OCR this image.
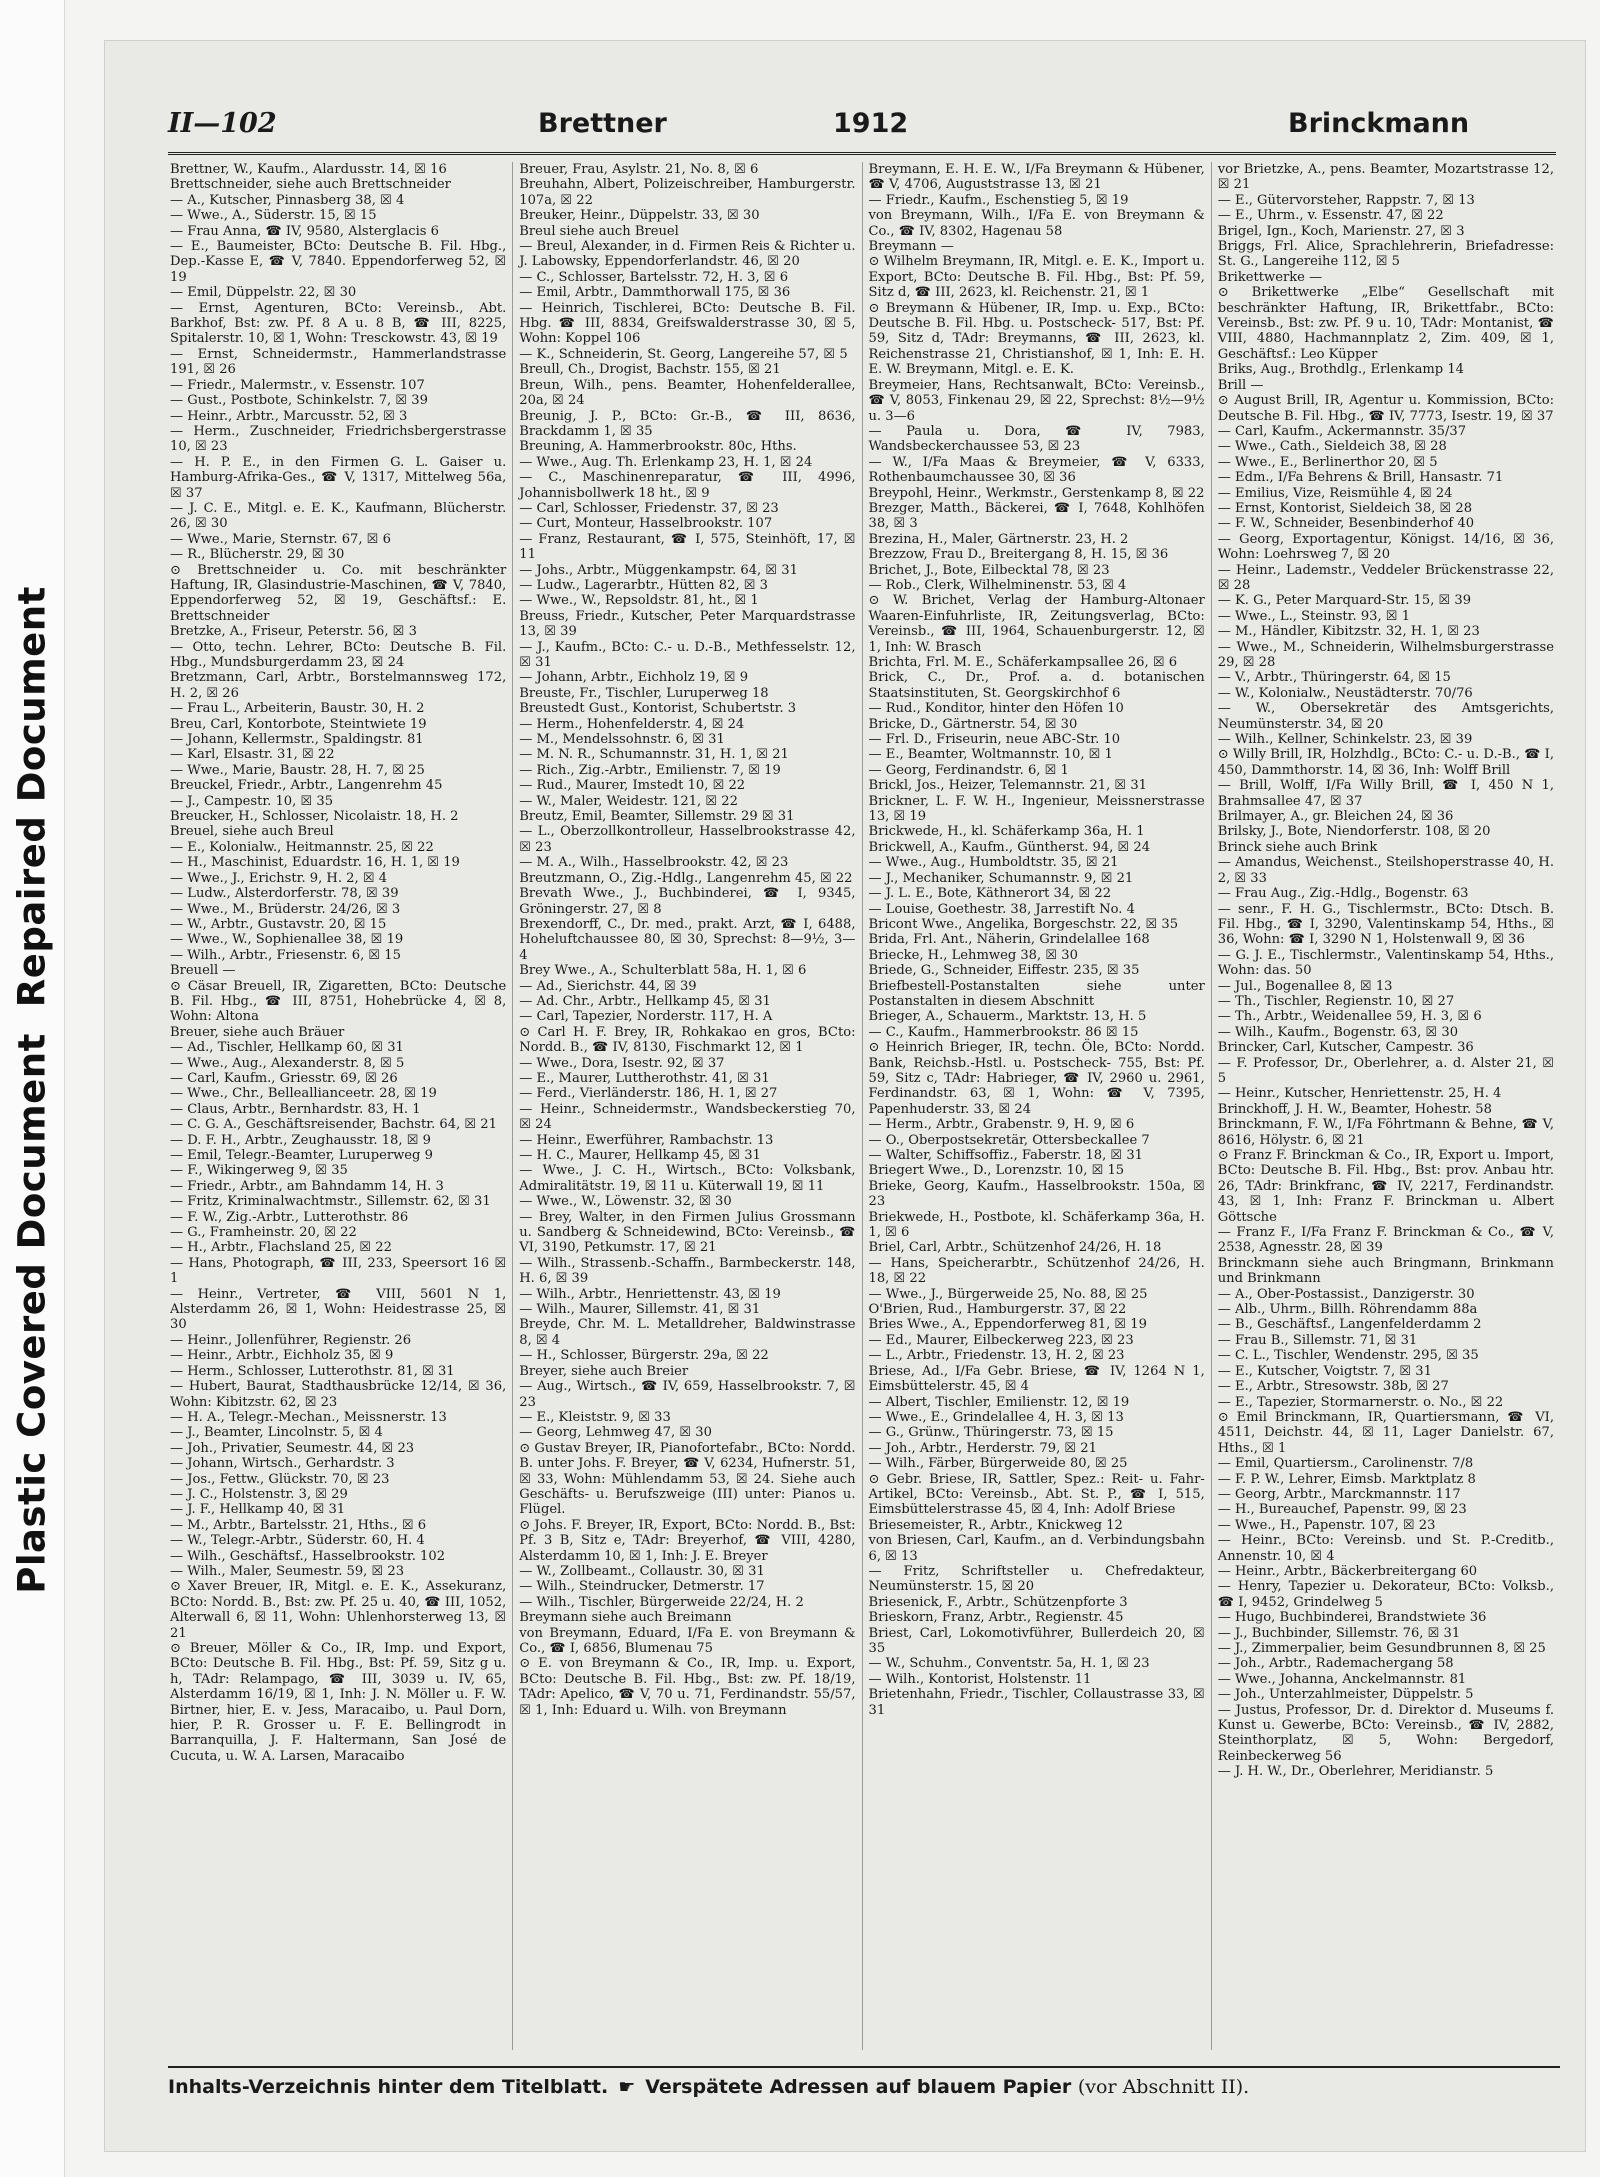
Plastic Covered DocumentRepaired Document
II—102	Brettner	1912	Brinckmann

Brettner, W., Kaufm., Alardusstr. 14, ☒ 16

Brettschneider, siehe auch Brettschneider

— A., Kutscher, Pinnasberg 38, ☒ 4

— Wwe., A., Süderstr. 15, ☒ 15

— Frau Anna, ☎ IV, 9580, Alsterglacis 6

— E., Baumeister, BCto: Deutsche B. Fil. Hbg., Dep.-Kasse E, ☎ V, 7840. Eppendorferweg 52, ☒ 19

— Emil, Düppelstr. 22, ☒ 30

— Ernst, Agenturen, BCto: Vereinsb., Abt. Barkhof, Bst: zw. Pf. 8 A u. 8 B, ☎ III, 8225, Spitalerstr. 10, ☒ 1, Wohn: Tresckowstr. 43, ☒ 19

— Ernst, Schneidermstr., Hammerlandstrasse 191, ☒ 26

— Friedr., Malermstr., v. Essenstr. 107

— Gust., Postbote, Schinkelstr. 7, ☒ 39

— Heinr., Arbtr., Marcusstr. 52, ☒ 3

— Herm., Zuschneider, Friedrichsbergerstrasse 10, ☒ 23

— H. P. E., in den Firmen G. L. Gaiser u. Hamburg-Afrika-Ges., ☎ V, 1317, Mittelweg 56a, ☒ 37

— J. C. E., Mitgl. e. E. K., Kaufmann, Blücherstr. 26, ☒ 30

— Wwe., Marie, Sternstr. 67, ☒ 6

— R., Blücherstr. 29, ☒ 30

⊙ Brettschneider u. Co. mit beschränkter Haftung, IR, Glasindustrie-Maschinen, ☎ V, 7840, Eppendorferweg 52, ☒ 19, Geschäftsf.: E. Brettschneider

Bretzke, A., Friseur, Peterstr. 56, ☒ 3

— Otto, techn. Lehrer, BCto: Deutsche B. Fil. Hbg., Mundsburgerdamm 23, ☒ 24

Bretzmann, Carl, Arbtr., Borstelmannsweg 172, H. 2, ☒ 26

— Frau L., Arbeiterin, Baustr. 30, H. 2

Breu, Carl, Kontorbote, Steintwiete 19

— Johann, Kellermstr., Spaldingstr. 81

— Karl, Elsastr. 31, ☒ 22

— Wwe., Marie, Baustr. 28, H. 7, ☒ 25

Breuckel, Friedr., Arbtr., Langenrehm 45

— J., Campestr. 10, ☒ 35

Breucker, H., Schlosser, Nicolaistr. 18, H. 2

Breuel, siehe auch Breul

— E., Kolonialw., Heitmannstr. 25, ☒ 22

— H., Maschinist, Eduardstr. 16, H. 1, ☒ 19

— Wwe., J., Erichstr. 9, H. 2, ☒ 4

— Ludw., Alsterdorferstr. 78, ☒ 39

— Wwe., M., Brüderstr. 24/26, ☒ 3

— W., Arbtr., Gustavstr. 20, ☒ 15

— Wwe., W., Sophienallee 38, ☒ 19

— Wilh., Arbtr., Friesenstr. 6, ☒ 15

Breuell —

⊙ Cäsar Breuell, IR, Zigaretten, BCto: Deutsche B. Fil. Hbg., ☎ III, 8751, Hohebrücke 4, ☒ 8, Wohn: Altona

Breuer, siehe auch Bräuer

— Ad., Tischler, Hellkamp 60, ☒ 31

— Wwe., Aug., Alexanderstr. 8, ☒ 5

— Carl, Kaufm., Griesstr. 69, ☒ 26

— Wwe., Chr., Belleallianceetr. 28, ☒ 19

— Claus, Arbtr., Bernhardstr. 83, H. 1

— C. G. A., Geschäftsreisender, Bachstr. 64, ☒ 21

— D. F. H., Arbtr., Zeughausstr. 18, ☒ 9

— Emil, Telegr.-Beamter, Luruperweg 9

— F., Wikingerweg 9, ☒ 35

— Friedr., Arbtr., am Bahndamm 14, H. 3

— Fritz, Kriminalwachtmstr., Sillemstr. 62, ☒ 31

— F. W., Zig.-Arbtr., Lutterothstr. 86

— G., Framheinstr. 20, ☒ 22

— H., Arbtr., Flachsland 25, ☒ 22

— Hans, Photograph, ☎ III, 233, Speersort 16 ☒ 1

— Heinr., Vertreter, ☎ VIII, 5601 N 1, Alsterdamm 26, ☒ 1, Wohn: Heidestrasse 25, ☒ 30

— Heinr., Jollenführer, Regienstr. 26

— Heinr., Arbtr., Eichholz 35, ☒ 9

— Herm., Schlosser, Lutterothstr. 81, ☒ 31

— Hubert, Baurat, Stadthausbrücke 12/14, ☒ 36, Wohn: Kibitzstr. 62, ☒ 23

— H. A., Telegr.-Mechan., Meissnerstr. 13

— J., Beamter, Lincolnstr. 5, ☒ 4

— Joh., Privatier, Seumestr. 44, ☒ 23

— Johann, Wirtsch., Gerhardstr. 3

— Jos., Fettw., Glückstr. 70, ☒ 23

— J. C., Holstenstr. 3, ☒ 29

— J. F., Hellkamp 40, ☒ 31

— M., Arbtr., Bartelsstr. 21, Hths., ☒ 6

— W., Telegr.-Arbtr., Süderstr. 60, H. 4

— Wilh., Geschäftsf., Hasselbrookstr. 102

— Wilh., Maler, Seumestr. 59, ☒ 23

⊙ Xaver Breuer, IR, Mitgl. e. E. K., Assekuranz, BCto: Nordd. B., Bst: zw. Pf. 25 u. 40, ☎ III, 1052, Alterwall 6, ☒ 11, Wohn: Uhlenhorsterweg 13, ☒ 21

⊙ Breuer, Möller & Co., IR, Imp. und Export, BCto: Deutsche B. Fil. Hbg., Bst: Pf. 59, Sitz g u. h, TAdr: Relampago, ☎ III, 3039 u. IV, 65, Alsterdamm 16/19, ☒ 1, Inh: J. N. Möller u. F. W. Birtner, hier, E. v. Jess, Maracaibo, u. Paul Dorn, hier, P. R. Grosser u. F. E. Bellingrodt in Barranquilla, J. F. Haltermann, San José de Cucuta, u. W. A. Larsen, Maracaibo

Breuer, Frau, Asylstr. 21, No. 8, ☒ 6

Breuhahn, Albert, Polizeischreiber, Hamburgerstr. 107a, ☒ 22

Breuker, Heinr., Düppelstr. 33, ☒ 30

Breul siehe auch Breuel

— Breul, Alexander, in d. Firmen Reis & Richter u. J. Labowsky, Eppendorferlandstr. 46, ☒ 20

— C., Schlosser, Bartelsstr. 72, H. 3, ☒ 6

— Emil, Arbtr., Dammthorwall 175, ☒ 36

— Heinrich, Tischlerei, BCto: Deutsche B. Fil. Hbg. ☎ III, 8834, Greifswalderstrasse 30, ☒ 5, Wohn: Koppel 106

— K., Schneiderin, St. Georg, Langereihe 57, ☒ 5

Breull, Ch., Drogist, Bachstr. 155, ☒ 21

Breun, Wilh., pens. Beamter, Hohenfelderallee, 20a, ☒ 24

Breunig, J. P., BCto: Gr.-B., ☎ III, 8636, Brackdamm 1, ☒ 35

Breuning, A. Hammerbrookstr. 80c, Hths.

— Wwe., Aug. Th. Erlenkamp 23, H. 1, ☒ 24

— C., Maschinenreparatur, ☎ III, 4996, Johannisbollwerk 18 ht., ☒ 9

— Carl, Schlosser, Friedenstr. 37, ☒ 23

— Curt, Monteur, Hasselbrookstr. 107

— Franz, Restaurant, ☎ I, 575, Steinhöft, 17, ☒ 11

— Johs., Arbtr., Müggenkampstr. 64, ☒ 31

— Ludw., Lagerarbtr., Hütten 82, ☒ 3

— Wwe., W., Repsoldstr. 81, ht., ☒ 1

Breuss, Friedr., Kutscher, Peter Marquardstrasse 13, ☒ 39

— J., Kaufm., BCto: C.- u. D.-B., Methfesselstr. 12, ☒ 31

— Johann, Arbtr., Eichholz 19, ☒ 9

Breuste, Fr., Tischler, Luruperweg 18

Breustedt Gust., Kontorist, Schubertstr. 3

— Herm., Hohenfelderstr. 4, ☒ 24

— M., Mendelssohnstr. 6, ☒ 31

— M. N. R., Schumannstr. 31, H. 1, ☒ 21

— Rich., Zig.-Arbtr., Emilienstr. 7, ☒ 19

— Rud., Maurer, Imstedt 10, ☒ 22

— W., Maler, Weidestr. 121, ☒ 22

Breutz, Emil, Beamter, Sillemstr. 29 ☒ 31

— L., Oberzollkontrolleur, Hasselbrookstrasse 42, ☒ 23

— M. A., Wilh., Hasselbrookstr. 42, ☒ 23

Breutzmann, O., Zig.-Hdlg., Langenrehm 45, ☒ 22

Brevath Wwe., J., Buchbinderei, ☎ I, 9345, Gröningerstr. 27, ☒ 8

Brexendorff, C., Dr. med., prakt. Arzt, ☎ I, 6488, Hoheluftchaussee 80, ☒ 30, Sprechst: 8—9½, 3—4

Brey Wwe., A., Schulterblatt 58a, H. 1, ☒ 6

— Ad., Sierichstr. 44, ☒ 39

— Ad. Chr., Arbtr., Hellkamp 45, ☒ 31

— Carl, Tapezier, Norderstr. 117, H. A

⊙ Carl H. F. Brey, IR, Rohkakao en gros, BCto: Nordd. B., ☎ IV, 8130, Fischmarkt 12, ☒ 1

— Wwe., Dora, Isestr. 92, ☒ 37

— E., Maurer, Luttherothstr. 41, ☒ 31

— Ferd., Vierländerstr. 186, H. 1, ☒ 27

— Heinr., Schneidermstr., Wandsbeckerstieg 70, ☒ 24

— Heinr., Ewerführer, Rambachstr. 13

— H. C., Maurer, Hellkamp 45, ☒ 31

— Wwe., J. C. H., Wirtsch., BCto: Volksbank, Admiralitätstr. 19, ☒ 11 u. Küterwall 19, ☒ 11

— Wwe., W., Löwenstr. 32, ☒ 30

— Brey, Walter, in den Firmen Julius Grossmann u. Sandberg & Schneidewind, BCto: Vereinsb., ☎ VI, 3190, Petkumstr. 17, ☒ 21

— Wilh., Strassenb.-Schaffn., Barmbeckerstr. 148, H. 6, ☒ 39

— Wilh., Arbtr., Henriettenstr. 43, ☒ 19

— Wilh., Maurer, Sillemstr. 41, ☒ 31

Breyde, Chr. M. L. Metalldreher, Baldwinstrasse 8, ☒ 4

— H., Schlosser, Bürgerstr. 29a, ☒ 22

Breyer, siehe auch Breier

— Aug., Wirtsch., ☎ IV, 659, Hasselbrookstr. 7, ☒ 23

— E., Kleiststr. 9, ☒ 33

— Georg, Lehmweg 47, ☒ 30

⊙ Gustav Breyer, IR, Pianofortefabr., BCto: Nordd. B. unter Johs. F. Breyer, ☎ V, 6234, Hufnerstr. 51, ☒ 33, Wohn: Mühlendamm 53, ☒ 24. Siehe auch Geschäfts- u. Berufszweige (III) unter: Pianos u. Flügel.

⊙ Johs. F. Breyer, IR, Export, BCto: Nordd. B., Bst: Pf. 3 B, Sitz e, TAdr: Breyerhof, ☎ VIII, 4280, Alsterdamm 10, ☒ 1, Inh: J. E. Breyer

— W., Zollbeamt., Collaustr. 30, ☒ 31

— Wilh., Steindrucker, Detmerstr. 17

— Wilh., Tischler, Bürgerweide 22/24, H. 2

Breymann siehe auch Breimann

von Breymann, Eduard, I/Fa E. von Breymann & Co., ☎ I, 6856, Blumenau 75

⊙ E. von Breymann & Co., IR, Imp. u. Export, BCto: Deutsche B. Fil. Hbg., Bst: zw. Pf. 18/19, TAdr: Apelico, ☎ V, 70 u. 71, Ferdinandstr. 55/57, ☒ 1, Inh: Eduard u. Wilh. von Breymann

Breymann, E. H. E. W., I/Fa Breymann & Hübener, ☎ V, 4706, Auguststrasse 13, ☒ 21

— Friedr., Kaufm., Eschenstieg 5, ☒ 19

von Breymann, Wilh., I/Fa E. von Breymann & Co., ☎ IV, 8302, Hagenau 58

Breymann —

⊙ Wilhelm Breymann, IR, Mitgl. e. E. K., Import u. Export, BCto: Deutsche B. Fil. Hbg., Bst: Pf. 59, Sitz d, ☎ III, 2623, kl. Reichenstr. 21, ☒ 1

⊙ Breymann & Hübener, IR, Imp. u. Exp., BCto: Deutsche B. Fil. Hbg. u. Postscheck- 517, Bst: Pf. 59, Sitz d, TAdr: Breymanns, ☎ III, 2623, kl. Reichenstrasse 21, Christianshof, ☒ 1, Inh: E. H. E. W. Breymann, Mitgl. e. E. K.

Breymeier, Hans, Rechtsanwalt, BCto: Vereinsb., ☎ V, 8053, Finkenau 29, ☒ 22, Sprechst: 8½—9½ u. 3—6

— Paula u. Dora, ☎ IV, 7983, Wandsbeckerchaussee 53, ☒ 23

— W., I/Fa Maas & Breymeier, ☎ V, 6333, Rothenbaumchaussee 30, ☒ 36

Breypohl, Heinr., Werkmstr., Gerstenkamp 8, ☒ 22

Brezger, Matth., Bäckerei, ☎ I, 7648, Kohlhöfen 38, ☒ 3

Brezina, H., Maler, Gärtnerstr. 23, H. 2

Brezzow, Frau D., Breitergang 8, H. 15, ☒ 36

Brichet, J., Bote, Eilbecktal 78, ☒ 23

— Rob., Clerk, Wilhelminenstr. 53, ☒ 4

⊙ W. Brichet, Verlag der Hamburg-Altonaer Waaren-Einfuhrliste, IR, Zeitungsverlag, BCto: Vereinsb., ☎ III, 1964, Schauenburgerstr. 12, ☒ 1, Inh: W. Brasch

Brichta, Frl. M. E., Schäferkampsallee 26, ☒ 6

Brick, C., Dr., Prof. a. d. botanischen Staatsinstituten, St. Georgskirchhof 6

— Rud., Konditor, hinter den Höfen 10

Bricke, D., Gärtnerstr. 54, ☒ 30

— Frl. D., Friseurin, neue ABC-Str. 10

— E., Beamter, Woltmannstr. 10, ☒ 1

— Georg, Ferdinandstr. 6, ☒ 1

Brickl, Jos., Heizer, Telemannstr. 21, ☒ 31

Brickner, L. F. W. H., Ingenieur, Meissnerstrasse 13, ☒ 19

Brickwede, H., kl. Schäferkamp 36a, H. 1

Brickwell, A., Kaufm., Güntherst. 94, ☒ 24

— Wwe., Aug., Humboldtstr. 35, ☒ 21

— J., Mechaniker, Schumannstr. 9, ☒ 21

— J. L. E., Bote, Käthnerort 34, ☒ 22

— Louise, Goethestr. 38, Jarrestift No. 4

Bricont Wwe., Angelika, Borgeschstr. 22, ☒ 35

Brida, Frl. Ant., Näherin, Grindelallee 168

Briecke, H., Lehmweg 38, ☒ 30

Briede, G., Schneider, Eiffestr. 235, ☒ 35

Briefbestell-Postanstalten siehe unter Postanstalten in diesem Abschnitt

Brieger, A., Schauerm., Marktstr. 13, H. 5

— C., Kaufm., Hammerbrookstr. 86 ☒ 15

⊙ Heinrich Brieger, IR, techn. Öle, BCto: Nordd. Bank, Reichsb.-Hstl. u. Postscheck- 755, Bst: Pf. 59, Sitz c, TAdr: Habrieger, ☎ IV, 2960 u. 2961, Ferdinandstr. 63, ☒ 1, Wohn: ☎ V, 7395, Papenhuderstr. 33, ☒ 24

— Herm., Arbtr., Grabenstr. 9, H. 9, ☒ 6

— O., Oberpostsekretär, Ottersbeckallee 7

— Walter, Schiffsoffiz., Faberstr. 18, ☒ 31

Briegert Wwe., D., Lorenzstr. 10, ☒ 15

Brieke, Georg, Kaufm., Hasselbrookstr. 150a, ☒ 23

Briekwede, H., Postbote, kl. Schäferkamp 36a, H. 1, ☒ 6

Briel, Carl, Arbtr., Schützenhof 24/26, H. 18

— Hans, Speicherarbtr., Schützenhof 24/26, H. 18, ☒ 22

— Wwe., J., Bürgerweide 25, No. 88, ☒ 25

O'Brien, Rud., Hamburgerstr. 37, ☒ 22

Bries Wwe., A., Eppendorferweg 81, ☒ 19

— Ed., Maurer, Eilbeckerweg 223, ☒ 23

— L., Arbtr., Friedenstr. 13, H. 2, ☒ 23

Briese, Ad., I/Fa Gebr. Briese, ☎ IV, 1264 N 1, Eimsbüttelerstr. 45, ☒ 4

— Albert, Tischler, Emilienstr. 12, ☒ 19

— Wwe., E., Grindelallee 4, H. 3, ☒ 13

— G., Grünw., Thüringerstr. 73, ☒ 15

— Joh., Arbtr., Herderstr. 79, ☒ 21

— Wilh., Färber, Bürgerweide 80, ☒ 25

⊙ Gebr. Briese, IR, Sattler, Spez.: Reit- u. Fahr-Artikel, BCto: Vereinsb., Abt. St. P., ☎ I, 515, Eimsbüttelerstrasse 45, ☒ 4, Inh: Adolf Briese

Briesemeister, R., Arbtr., Knickweg 12

von Briesen, Carl, Kaufm., an d. Verbindungsbahn 6, ☒ 13

— Fritz, Schriftsteller u. Chefredakteur, Neumünsterstr. 15, ☒ 20

Briesenick, F., Arbtr., Schützenpforte 3

Brieskorn, Franz, Arbtr., Regienstr. 45

Briest, Carl, Lokomotivführer, Bullerdeich 20, ☒ 35

— W., Schuhm., Conventstr. 5a, H. 1, ☒ 23

— Wilh., Kontorist, Holstenstr. 11

Brietenhahn, Friedr., Tischler, Collaustrasse 33, ☒ 31

vor Brietzke, A., pens. Beamter, Mozartstrasse 12, ☒ 21

— E., Gütervorsteher, Rappstr. 7, ☒ 13

— E., Uhrm., v. Essenstr. 47, ☒ 22

Brigel, Ign., Koch, Marienstr. 27, ☒ 3

Briggs, Frl. Alice, Sprachlehrerin, Briefadresse: St. G., Langereihe 112, ☒ 5

Brikettwerke —

⊙ Brikettwerke „Elbe“ Gesellschaft mit beschränkter Haftung, IR, Brikettfabr., BCto: Vereinsb., Bst: zw. Pf. 9 u. 10, TAdr: Montanist, ☎ VIII, 4880, Hachmannplatz 2, Zim. 409, ☒ 1, Geschäftsf.: Leo Küpper

Briks, Aug., Brothdlg., Erlenkamp 14

Brill —

⊙ August Brill, IR, Agentur u. Kommission, BCto: Deutsche B. Fil. Hbg., ☎ IV, 7773, Isestr. 19, ☒ 37

— Carl, Kaufm., Ackermannstr. 35/37

— Wwe., Cath., Sieldeich 38, ☒ 28

— Wwe., E., Berlinerthor 20, ☒ 5

— Edm., I/Fa Behrens & Brill, Hansastr. 71

— Emilius, Vize, Reismühle 4, ☒ 24

— Ernst, Kontorist, Sieldeich 38, ☒ 28

— F. W., Schneider, Besenbinderhof 40

— Georg, Exportagentur, Königst. 14/16, ☒ 36, Wohn: Loehrsweg 7, ☒ 20

— Heinr., Lademstr., Veddeler Brückenstrasse 22, ☒ 28

— K. G., Peter Marquard-Str. 15, ☒ 39

— Wwe., L., Steinstr. 93, ☒ 1

— M., Händler, Kibitzstr. 32, H. 1, ☒ 23

— Wwe., M., Schneiderin, Wilhelmsburgerstrasse 29, ☒ 28

— V., Arbtr., Thüringerstr. 64, ☒ 15

— W., Kolonialw., Neustädterstr. 70/76

— W., Obersekretär des Amtsgerichts, Neumünsterstr. 34, ☒ 20

— Wilh., Kellner, Schinkelstr. 23, ☒ 39

⊙ Willy Brill, IR, Holzhdlg., BCto: C.- u. D.-B., ☎ I, 450, Dammthorstr. 14, ☒ 36, Inh: Wolff Brill

— Brill, Wolff, I/Fa Willy Brill, ☎ I, 450 N 1, Brahmsallee 47, ☒ 37

Brilmayer, A., gr. Bleichen 24, ☒ 36

Brilsky, J., Bote, Niendorferstr. 108, ☒ 20

Brinck siehe auch Brink

— Amandus, Weichenst., Steilshoperstrasse 40, H. 2, ☒ 33

— Frau Aug., Zig.-Hdlg., Bogenstr. 63

— senr., F. H. G., Tischlermstr., BCto: Dtsch. B. Fil. Hbg., ☎ I, 3290, Valentinskamp 54, Hths., ☒ 36, Wohn: ☎ I, 3290 N 1, Holstenwall 9, ☒ 36

— G. J. E., Tischlermstr., Valentinskamp 54, Hths., Wohn: das. 50

— Jul., Bogenallee 8, ☒ 13

— Th., Tischler, Regienstr. 10, ☒ 27

— Th., Arbtr., Weidenallee 59, H. 3, ☒ 6

— Wilh., Kaufm., Bogenstr. 63, ☒ 30

Brincker, Carl, Kutscher, Campestr. 36

— F. Professor, Dr., Oberlehrer, a. d. Alster 21, ☒ 5

— Heinr., Kutscher, Henriettenstr. 25, H. 4

Brinckhoff, J. H. W., Beamter, Hohestr. 58

Brinckmann, F. W., I/Fa Föhrtmann & Behne, ☎ V, 8616, Hölystr. 6, ☒ 21

⊙ Franz F. Brinckman & Co., IR, Export u. Import, BCto: Deutsche B. Fil. Hbg., Bst: prov. Anbau htr. 26, TAdr: Brinkfranc, ☎ IV, 2217, Ferdinandstr. 43, ☒ 1, Inh: Franz F. Brinckman u. Albert Göttsche

— Franz F., I/Fa Franz F. Brinckman & Co., ☎ V, 2538, Agnesstr. 28, ☒ 39

Brinckmann siehe auch Bringmann, Brinkmann und Brinkmann

— A., Ober-Postassist., Danzigerstr. 30

— Alb., Uhrm., Billh. Röhrendamm 88a

— B., Geschäftsf., Langenfelderdamm 2

— Frau B., Sillemstr. 71, ☒ 31

— C. L., Tischler, Wendenstr. 295, ☒ 35

— E., Kutscher, Voigtstr. 7, ☒ 31

— E., Arbtr., Stresowstr. 38b, ☒ 27

— E., Tapezier, Stormarnerstr. o. No., ☒ 22

⊙ Emil Brinckmann, IR, Quartiersmann, ☎ VI, 4511, Deichstr. 44, ☒ 11, Lager Danielstr. 67, Hths., ☒ 1

— Emil, Quartiersm., Carolinenstr. 7/8

— F. P. W., Lehrer, Eimsb. Marktplatz 8

— Georg, Arbtr., Marckmannstr. 117

— H., Bureauchef, Papenstr. 99, ☒ 23

— Wwe., H., Papenstr. 107, ☒ 23

— Heinr., BCto: Vereinsb. und St. P.-Creditb., Annenstr. 10, ☒ 4

— Heinr., Arbtr., Bäckerbreitergang 60

— Henry, Tapezier u. Dekorateur, BCto: Volksb., ☎ I, 9452, Grindelweg 5

— Hugo, Buchbinderei, Brandstwiete 36

— J., Buchbinder, Sillemstr. 76, ☒ 31

— J., Zimmerpalier, beim Gesundbrunnen 8, ☒ 25

— Joh., Arbtr., Rademachergang 58

— Wwe., Johanna, Anckelmannstr. 81

— Joh., Unterzahlmeister, Düppelstr. 5

— Justus, Professor, Dr. d. Direktor d. Museums f. Kunst u. Gewerbe, BCto: Vereinsb., ☎ IV, 2882, Steinthorplatz, ☒ 5, Wohn: Bergedorf, Reinbeckerweg 56

— J. H. W., Dr., Oberlehrer, Meridianstr. 5

Inhalts-Verzeichnis hinter dem Titelblatt. ☛ Verspätete Adressen auf blauem Papier (vor Abschnitt II).
